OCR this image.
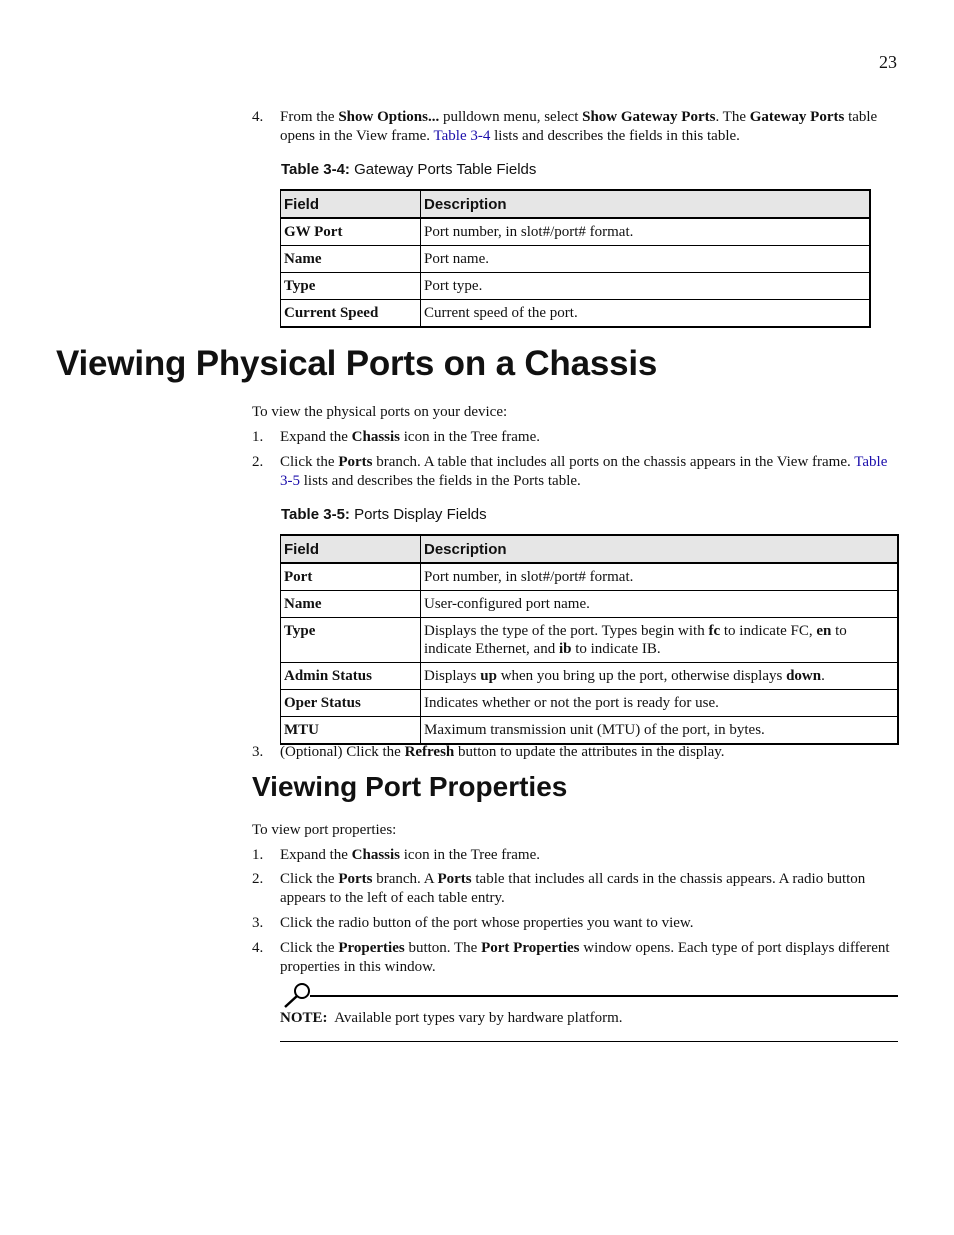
23
4. From the Show Options... pulldown menu, select Show Gateway Ports. The Gateway Ports table opens in the View frame. Table 3-4 lists and describes the fields in this table.
Table 3-4: Gateway Ports Table Fields
Field	Description
GW Port	Port number, in slot#/port# format.
Name	Port name.
Type	Port type.
Current Speed	Current speed of the port.
Viewing Physical Ports on a Chassis
To view the physical ports on your device:
1. Expand the Chassis icon in the Tree frame.
2. Click the Ports branch. A table that includes all ports on the chassis appears in the View frame. Table 3-5 lists and describes the fields in the Ports table.
Table 3-5: Ports Display Fields
Field	Description
Port	Port number, in slot#/port# format.
Name	User-configured port name.
Type	Displays the type of the port. Types begin with fc to indicate FC, en to indicate Ethernet, and ib to indicate IB.
Admin Status	Displays up when you bring up the port, otherwise displays down.
Oper Status	Indicates whether or not the port is ready for use.
MTU	Maximum transmission unit (MTU) of the port, in bytes.
3. (Optional) Click the Refresh button to update the attributes in the display.
Viewing Port Properties
To view port properties:
1. Expand the Chassis icon in the Tree frame.
2. Click the Ports branch. A Ports table that includes all cards in the chassis appears. A radio button appears to the left of each table entry.
3. Click the radio button of the port whose properties you want to view.
4. Click the Properties button. The Port Properties window opens. Each type of port displays different properties in this window.
NOTE:  Available port types vary by hardware platform.
